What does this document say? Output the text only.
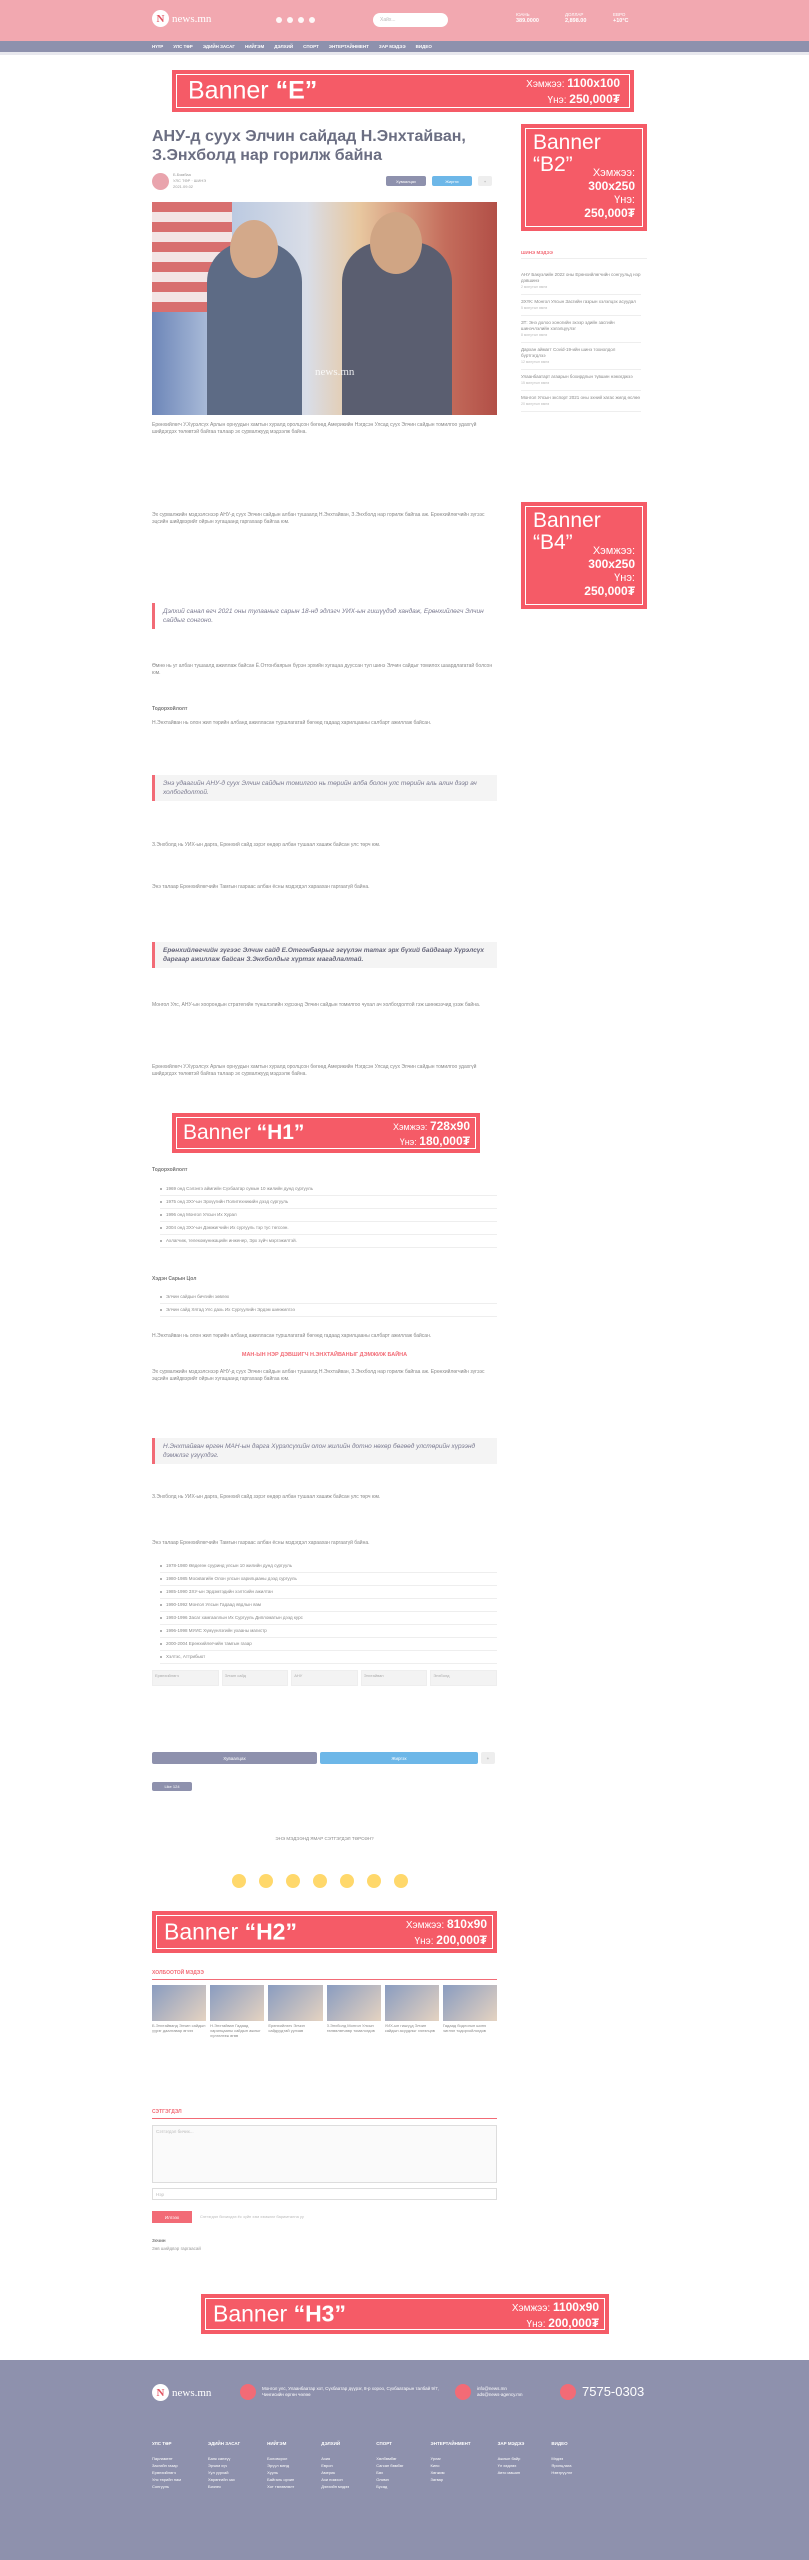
N news.mn	Хайх...
ЮАНЬ
389.0000
ДОЛЛАР
2,898.00
ЕВРО
+10°C
НҮҮР УЛС ТӨР ЭДИЙН ЗАСАГ НИЙГЭМ ДЭЛХИЙ СПОРТ ЭНТЕРТАЙНМЕНТ ЗАР МЭДЭЭ ВИДЕО
Banner “E”	Хэмжээ: 1100x100
Үнэ: 250,000₮
АНУ-д суух Элчин сайдад Н.Энхтайван, З.Энхболд нар горилж байна
Б.Бямбаа
УЛС ТӨР · ШИНЭ
2021.09.02
Хуваалцах	Жиргэх	+
news.mn
Ерөнхийлөгч У.Хүрэлсүх Арлын орнуудын хамтын хуралд оролцсон бөгөөд Америкийн Нэгдсэн Улсад суух Элчин сайдын томилгоо удахгүй шийдэгдэх төлөвтэй байгаа талаар эх сурвалжууд мэдээлж байна.
Эх сурвалжийн мэдээлснээр АНУ-д суух Элчин сайдын албан тушаалд Н.Энхтайван, З.Энхболд нар горилж байгаа аж. Ерөнхийлөгчийн зүгээс эцсийн шийдвэрийг ойрын хугацаанд гаргахаар байгаа юм.
Дэлхий санал өгч 2021 оны тулааныг сарын 18-нд эдлэгч УИХ-ын гишүүдэд хандаж, Ерөнхийлөгч Элчин сайдыг сонгоно.
Өмнө нь уг албан тушаалд ажиллаж байсан Ё.Отгонбаярын бүрэн эрхийн хугацаа дууссан тул шинэ Элчин сайдыг томилох шаардлагатай болсон юм.
Тодорхойлолт
Н.Энхтайван нь олон жил төрийн албанд ажилласан туршлагатай бөгөөд гадаад харилцааны салбарт ажиллаж байсан.
Энэ удаагийн АНУ-д суух Элчин сайдын томилгоо нь төрийн алба болон улс төрийн аль алин дээр ач холбогдолтой.
З.Энхболд нь УИХ-ын дарга, Ерөнхий сайд зэрэг өндөр албан тушаал хашиж байсан улс төрч юм.
Энэ талаар Ерөнхийлөгчийн Тамгын газраас албан ёсны мэдэгдэл хараахан гаргаагүй байна.
Ерөнхийлөгчийн зүгээс Элчин сайд Е.Отгонбаярыг эгүүлэн татах эрх бүхий байдгаар Хүрэлсүх даргаар ажиллаж байсан З.Энхболдыг хүртэх магадлалтай.
Монгол Улс, АНУ-ын хоорондын стратегийн түншлэлийн хүрээнд Элчин сайдын томилгоо чухал ач холбогдолтой гэж шинжээчид үзэж байна.
Ерөнхийлөгч У.Хүрэлсүх Арлын орнуудын хамтын хуралд оролцсон бөгөөд Америкийн Нэгдсэн Улсад суух Элчин сайдын томилгоо удахгүй шийдэгдэх төлөвтэй байгаа талаар эх сурвалжууд мэдээлж байна.
Banner “H1”	Хэмжээ: 728x90
Үнэ: 180,000₮
Тодорхойлолт
1969 онд Сэлэнгэ аймгийн Сүхбаатар сумын 10 жилийн дунд сургууль
1975 онд ЗХУ-ын Эрхүүгийн Политехникийн дээд сургууль
1996 онд Монгол Улсын Их Хурал
2004 онд ЗХУ-ын Дэмжигчийн Их сургууль тэр тус төгссөн.
Ахлагчиж, телекомуникацийн инженер, Эрх зүйч мэргэжилтэй.
Хэдэн Сарын Цол
Элчин сайдын бичгийн зөвлөх
Элчин сайд Хятад Улс дахь Их Сургуулийн Эрдэм шинжилгээ
Н.Энхтайван нь олон жил төрийн албанд ажилласан туршлагатай бөгөөд гадаад харилцааны салбарт ажиллаж байсан.
МАН-ЫН НЭР ДЭВШИГЧ Н.ЭНХТАЙВАНЫГ ДЭМЖИЖ БАЙНА
Эх сурвалжийн мэдээлснээр АНУ-д суух Элчин сайдын албан тушаалд Н.Энхтайван, З.Энхболд нар горилж байгаа аж. Ерөнхийлөгчийн зүгээс эцсийн шийдвэрийг ойрын хугацаанд гаргахаар байгаа юм.
Н.Энхтайван өргөн МАН-ын дарга Хүрэлсүхийн олон жилийн дотно нөхөр бөгөөд улстөрийн хүрээнд дэмжлэг үзүүлдэг.
З.Энхболд нь УИХ-ын дарга, Ерөнхий сайд зэрэг өндөр албан тушаал хашиж байсан улс төрч юм.
Энэ талаар Ерөнхийлөгчийн Тамгын газраас албан ёсны мэдэгдэл хараахан гаргаагүй байна.
1978-1980 Өвдөгөн сууринд улсын 10 жилийн дунд сургууль
1980-1985 Москвагийн Олон улсын харилцааны дээд сургууль
1985-1990 ЗХУ-ын Эрдэмтэдийн хэлтсийн ажилтан
1990-1992 Монгол Улсын Гадаад явдлын яам
1993-1996 Засаг хамгааллын Их Сургууль Дипломатын дээд курс
1996-1998 МУИС Хүмүүнлэгийн ухааны магистр
2000-2004 Ерөнхийлөгчийн тамгын газар
Хэлтэс, Аттрибьют
Ерөнхийлөгч	Элчин сайд	АНУ	Энхтайван	Энхболд
Хуваалцах	Жиргэх	+
Like 124
ЭНЭ МЭДЭЭНД ЯМАР СЭТГЭГДЭЛ ТӨРСӨН?
Banner “H2”	Хэмжээ: 810x90
Үнэ: 200,000₮
ХОЛБООТОЙ МЭДЭЭ
Б.Энхтайванд Элчин сайдын үүрэг даалгавар өгчээ
Н.Энхтайван Гадаад харилцааны сайдын ажлыг хүлээлгэж өгөв
Ерөнхийлөгч Элчин сайдуудтай уулзав
З.Энхболд Монгол Улсын төлөөлөгчөөр томилогдов
УИХ-ын гишүүд Элчин сайдын асуудлыг хэлэлцэв
Гадаад бодлогын шинэ чиглэл тодорхойлогдов
СЭТГЭГДЭЛ
Сэтгэгдэл бичих...
Нэр
Илгээх	Сэтгэгдэл бичихдээ ёс зүйн хэм хэмжээг баримтална уу
Зочин
Зөв шийдвэр гаргаасай
Banner “H3”	Хэмжээ: 1100x90
Үнэ: 200,000₮
Banner
“B2”	Хэмжээ:
300x250
Үнэ:
250,000₮
ШИНЭ МЭДЭЭ
АНУ Бакуэлийн 2022 оны Ерөнхийлөгчийн сонгуульд нэр дэвшинэ
2 минутын өмнө
ЗХҮК: Монгол Улсын Засгийн газрын хэлэлцэх асуудал
5 минутын өмнө
ЗТ: Энэ долоо хоногийн эхээр эдийн засгийн шинэчлэлийн хэлэлцүүлэг
8 минутын өмнө
Дархан аймагт Covid-19-ийн шинэ тохиолдол бүртгэгдлээ
12 минутын өмнө
Улаанбаатарт агаарын бохирдлын түвшин нэмэгджээ
15 минутын өмнө
Монгол Улсын экспорт 2021 оны эхний хагас жилд өслөө
20 минутын өмнө
Banner
“B4”	Хэмжээ:
300x250
Үнэ:
250,000₮
N news.mn	Монгол улс, Улаанбаатар хот, Сүхбаатар дүүрэг, 8-р хороо, Сүхбаатарын талбай 9/7, Чингисийн өргөн чөлөө
info@news.mn
ads@news-agency.mn	7575-0303
УЛС ТӨР
Парламент
Засгийн газар
Ерөнхийлөгч
Улс төрийн нам
Сонгууль
ЭДИЙН ЗАСАГ
Банк санхүү
Эрчим хүч
Уул уурхай
Хөрөнгийн зах
Бизнес
НИЙГЭМ
Боловсрол
Эрүүл мэнд
Хууль
Байгаль орчин
Хот төлөвлөлт
ДЭЛХИЙ
Азия
Европ
Америк
Ази номхон
Дэлхийн мэдээ
СПОРТ
Хөлбөмбөг
Сагсан бөмбөг
Бөх
Олимп
Бусад
ЭНТЕРТАЙНМЕНТ
Урлаг
Кино
Хөгжим
Загвар
ЗАР МЭДЭЭ
Ажлын байр
Үл хөдлөх
Авто машин
ВИДЕО
Мэдээ
Ярилцлага
Нэвтрүүлэг
